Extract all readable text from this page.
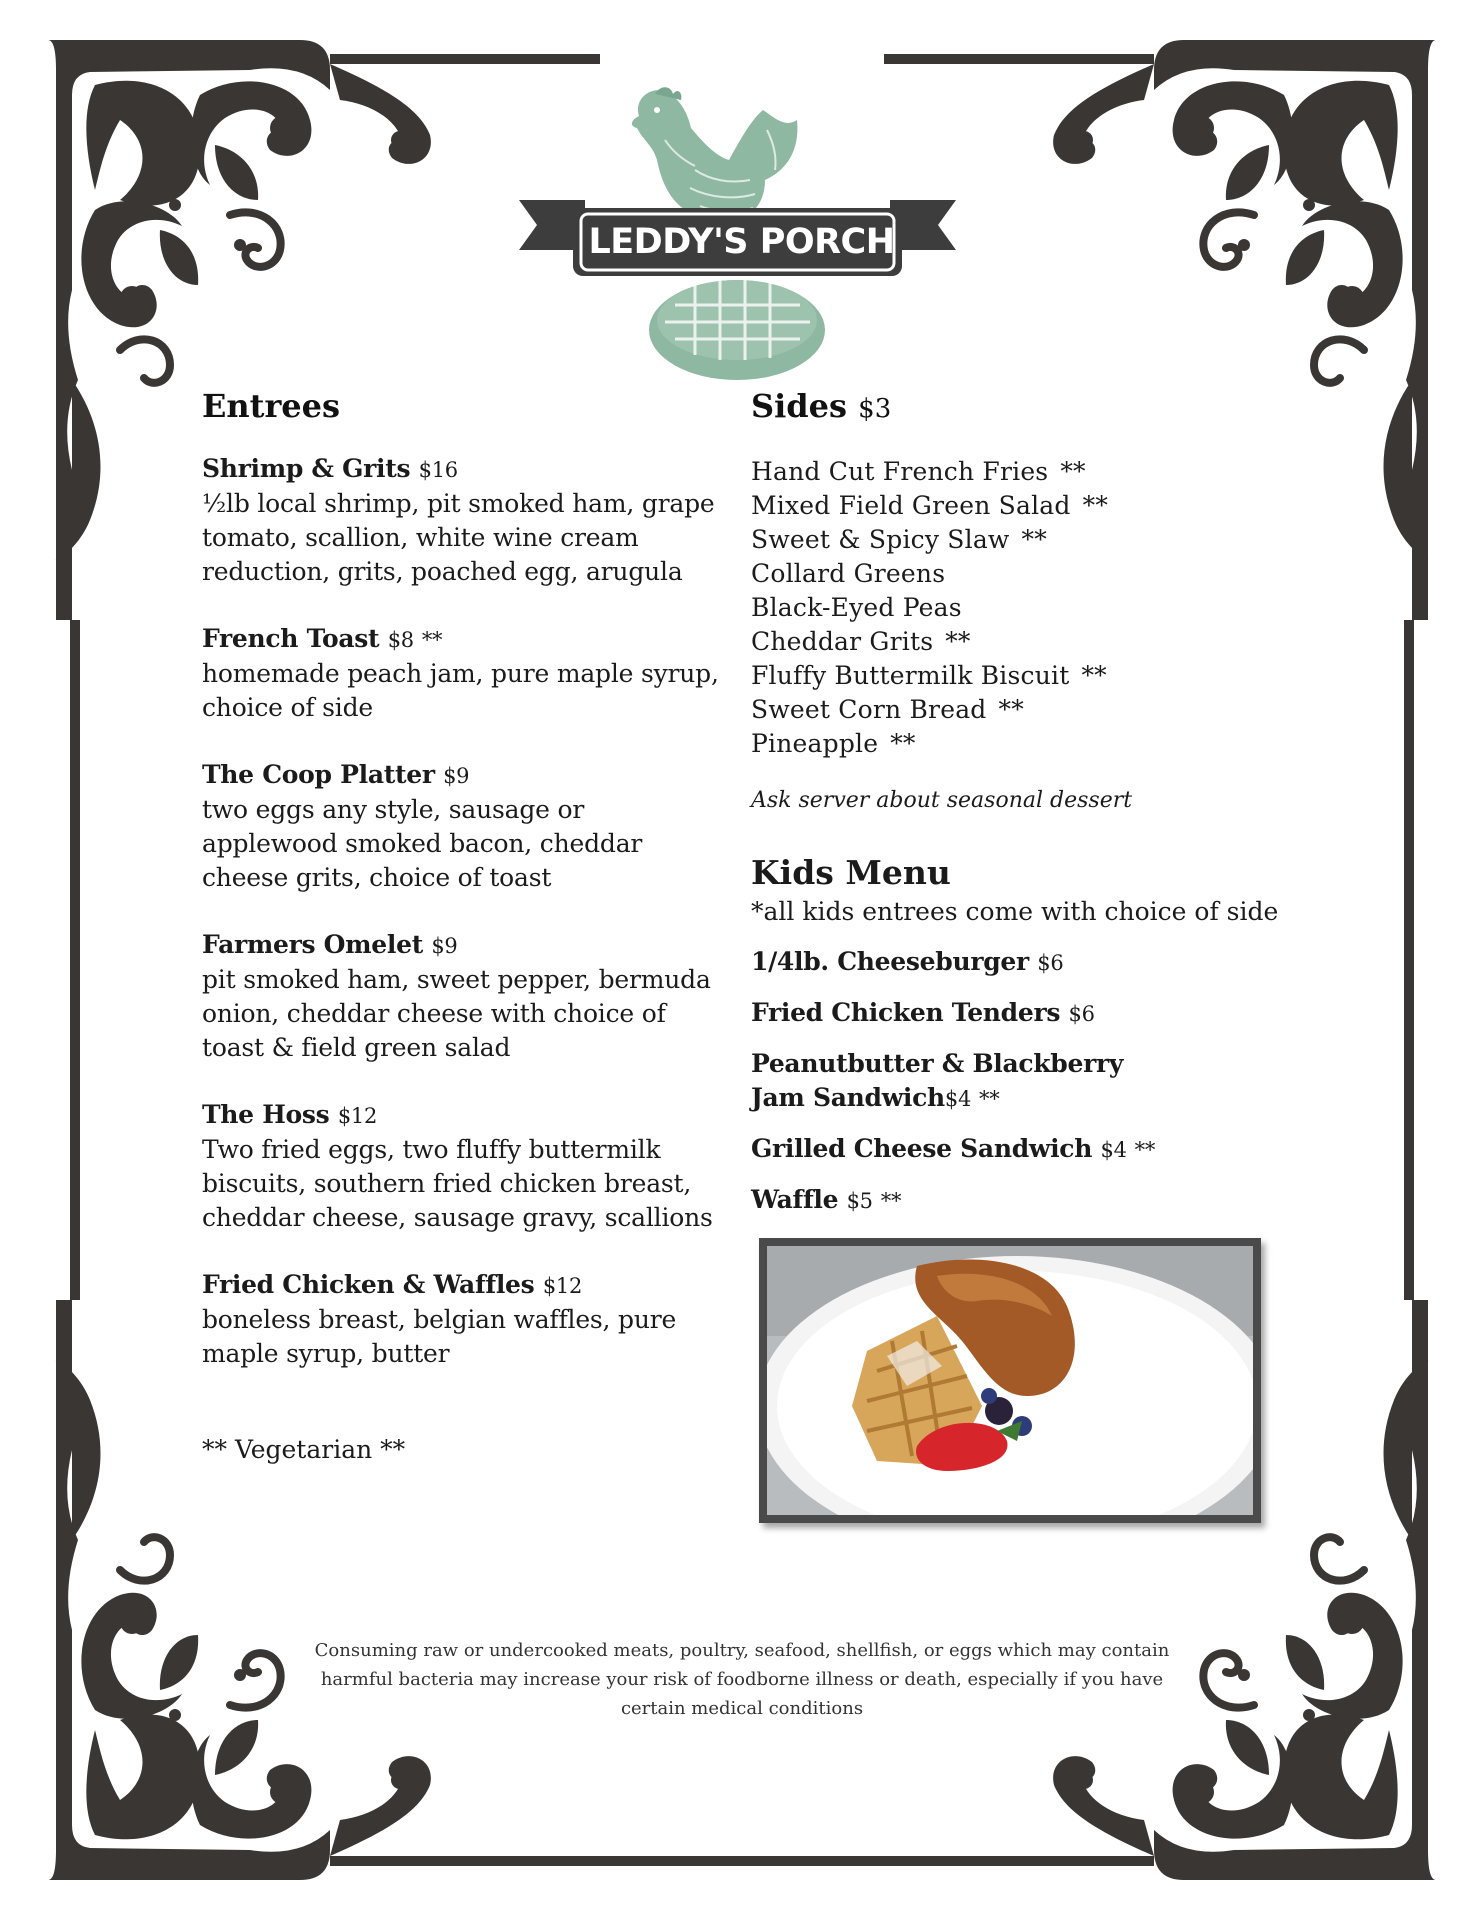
LEDDY'S PORCH
Entrees
Shrimp & Grits $16
½lb local shrimp, pit smoked ham, grape tomato, scallion, white wine cream reduction, grits, poached egg, arugula
French Toast $8 **
homemade peach jam, pure maple syrup, choice of side
The Coop Platter $9
two eggs any style, sausage or applewood smoked bacon, cheddar cheese grits, choice of toast
Farmers Omelet $9
pit smoked ham, sweet pepper, bermuda onion, cheddar cheese with choice of toast & field green salad
The Hoss $12
Two fried eggs, two fluffy buttermilk biscuits, southern fried chicken breast, cheddar cheese, sausage gravy, scallions
Fried Chicken & Waffles $12
boneless breast, belgian waffles, pure maple syrup, butter
** Vegetarian **
Sides $3
Hand Cut French Fries **
Mixed Field Green Salad **
Sweet & Spicy Slaw **
Collard Greens
Black-Eyed Peas
Cheddar Grits **
Fluffy Buttermilk Biscuit **
Sweet Corn Bread **
Pineapple **
Ask server about seasonal dessert
Kids Menu
*all kids entrees come with choice of side
1/4lb. Cheeseburger $6
Fried Chicken Tenders $6
Peanutbutter & Blackberry Jam Sandwich$4 **
Grilled Cheese Sandwich $4 **
Waffle $5 **
Consuming raw or undercooked meats, poultry, seafood, shellfish, or eggs which may contain harmful bacteria may increase your risk of foodborne illness or death, especially if you have certain medical conditions
